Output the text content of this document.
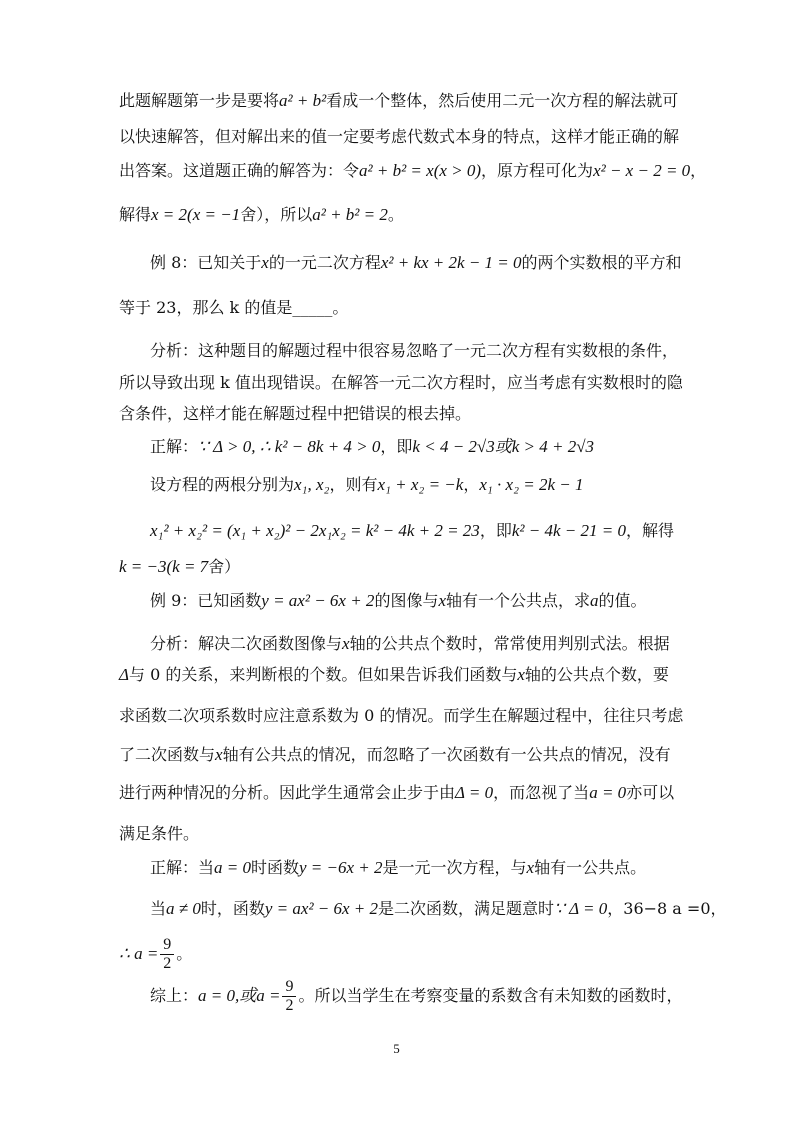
此题解题第一步是要将a² + b²看成一个整体，然后使用二元一次方程的解法就可
以快速解答，但对解出来的值一定要考虑代数式本身的特点，这样才能正确的解
出答案。这道题正确的解答为：令a² + b² = x(x > 0)，原方程可化为x² − x − 2 = 0，
解得x = 2(x = −1舍），所以a² + b² = 2。
例 8：已知关于x的一元二次方程x² + kx + 2k − 1 = 0的两个实数根的平方和
等于 23，那么 k 的值是_____。
分析：这种题目的解题过程中很容易忽略了一元二次方程有实数根的条件，
所以导致出现 k 值出现错误。在解答一元二次方程时，应当考虑有实数根时的隐
含条件，这样才能在解题过程中把错误的根去掉。
正解：∵ Δ > 0, ∴ k² − 8k + 4 > 0，即k < 4 − 2√3或k > 4 + 2√3
设方程的两根分别为x₁, x₂，则有x₁ + x₂ = −k，x₁ · x₂ = 2k − 1
x₁² + x₂² = (x₁ + x₂)² − 2x₁x₂ = k² − 4k + 2 = 23 ， 即 k² − 4k − 21 = 0 ， 解 得
k = −3(k = 7舍）
例 9：已知函数y = ax² − 6x + 2的图像与x轴有一个公共点，求a的值。
分析：解决二次函数图像与x轴的公共点个数时，常常使用判别式法。根据
Δ与 0 的关系，来判断根的个数。但如果告诉我们函数与x轴的公共点个数，要
求函数二次项系数时应注意系数为 0 的情况。而学生在解题过程中，往往只考虑
了二次函数与x轴有公共点的情况，而忽略了一次函数有一公共点的情况，没有
进行两种情况的分析。因此学生通常会止步于由Δ = 0，而忽视了当a = 0亦可以
满足条件。
正解：当a = 0时函数y = −6x + 2是一元一次方程，与x轴有一公共点。
当a ≠ 0时，函数y = ax² − 6x + 2是二次函数，满足题意时∵ Δ = 0，36−8 a =0，
∴ $a = \frac{9}{2}$ 。
综上：a = 0,或$a = \frac{9}{2}$ 。所以当学生在考察变量的系数含有未知数的函数时，
5
